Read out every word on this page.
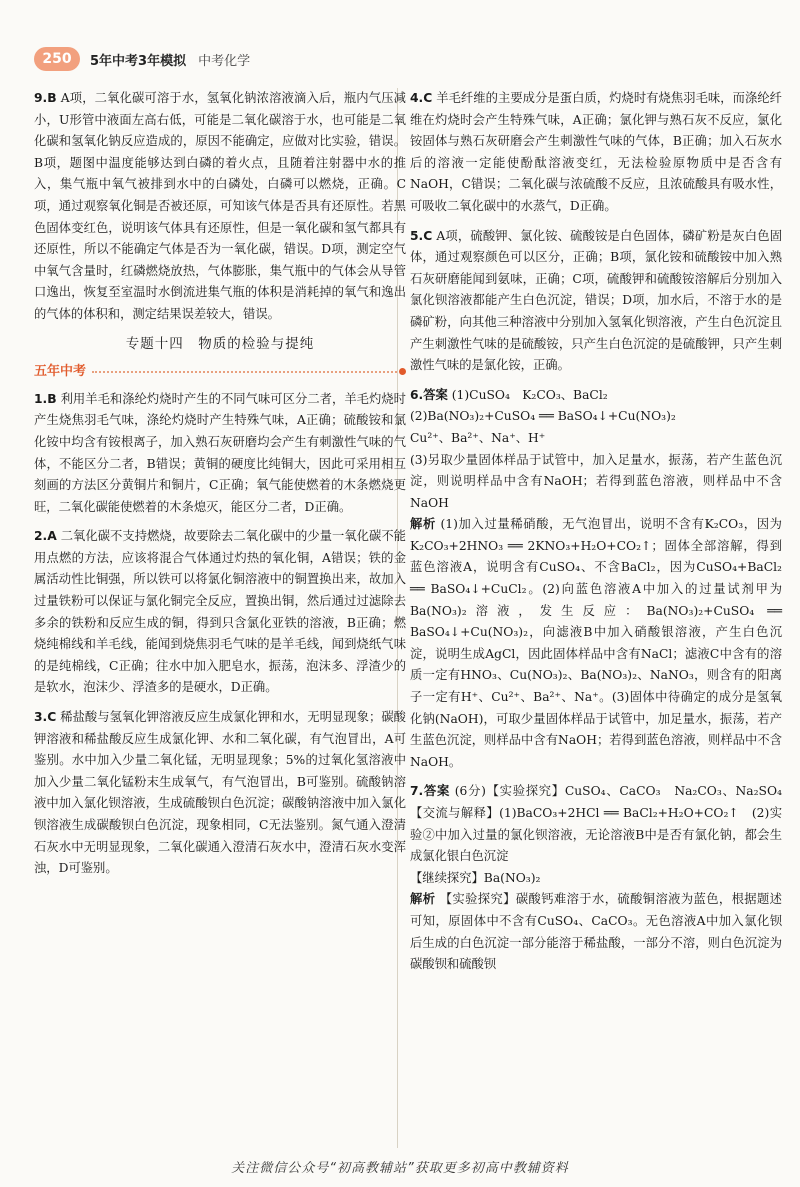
250	5年中考3年模拟 中考化学
9.B A项，二氧化碳可溶于水，氢氧化钠浓溶液滴入后，瓶内气压减小，U形管中液面左高右低，可能是二氧化碳溶于水，也可能是二氧化碳和氢氧化钠反应造成的，原因不能确定，应做对比实验，错误。B项，题图中温度能够达到白磷的着火点，且随着注射器中水的推入，集气瓶中氧气被排到水中的白磷处，白磷可以燃烧，正确。C项，通过观察氧化铜是否被还原，可知该气体是否具有还原性。若黑色固体变红色，说明该气体具有还原性，但是一氧化碳和氢气都具有还原性，所以不能确定气体是否为一氧化碳，错误。D项，测定空气中氧气含量时，红磷燃烧放热，气体膨胀，集气瓶中的气体会从导管口逸出，恢复至室温时水倒流进集气瓶的体积是消耗掉的氧气和逸出的气体的体积和，测定结果误差较大，错误。
专题十四　物质的检验与提纯
五年中考
1.B 利用羊毛和涤纶灼烧时产生的不同气味可区分二者，羊毛灼烧时产生烧焦羽毛气味，涤纶灼烧时产生特殊气味，A正确；硫酸铵和氯化铵中均含有铵根离子，加入熟石灰研磨均会产生有刺激性气味的气体，不能区分二者，B错误；黄铜的硬度比纯铜大，因此可采用相互刻画的方法区分黄铜片和铜片，C正确；氧气能使燃着的木条燃烧更旺，二氧化碳能使燃着的木条熄灭，能区分二者，D正确。
2.A 二氧化碳不支持燃烧，故要除去二氧化碳中的少量一氧化碳不能用点燃的方法，应该将混合气体通过灼热的氧化铜，A错误；铁的金属活动性比铜强，所以铁可以将氯化铜溶液中的铜置换出来，故加入过量铁粉可以保证与氯化铜完全反应，置换出铜，然后通过过滤除去多余的铁粉和反应生成的铜，得到只含氯化亚铁的溶液，B正确；燃烧纯棉线和羊毛线，能闻到烧焦羽毛气味的是羊毛线，闻到烧纸气味的是纯棉线，C正确；往水中加入肥皂水，振荡，泡沫多、浮渣少的是软水，泡沫少、浮渣多的是硬水，D正确。
3.C 稀盐酸与氢氧化钾溶液反应生成氯化钾和水，无明显现象；碳酸钾溶液和稀盐酸反应生成氯化钾、水和二氧化碳，有气泡冒出，A可鉴别。水中加入少量二氧化锰，无明显现象；5%的过氧化氢溶液中加入少量二氧化锰粉末生成氧气，有气泡冒出，B可鉴别。硫酸钠溶液中加入氯化钡溶液，生成硫酸钡白色沉淀；碳酸钠溶液中加入氯化钡溶液生成碳酸钡白色沉淀，现象相同，C无法鉴别。氮气通入澄清石灰水中无明显现象，二氧化碳通入澄清石灰水中，澄清石灰水变浑浊，D可鉴别。
4.C 羊毛纤维的主要成分是蛋白质，灼烧时有烧焦羽毛味，而涤纶纤维在灼烧时会产生特殊气味，A正确；氯化钾与熟石灰不反应，氯化铵固体与熟石灰研磨会产生刺激性气味的气体，B正确；加入石灰水后的溶液一定能使酚酞溶液变红，无法检验原物质中是否含有NaOH，C错误；二氧化碳与浓硫酸不反应，且浓硫酸具有吸水性，可吸收二氧化碳中的水蒸气，D正确。
5.C A项，硫酸钾、氯化铵、硫酸铵是白色固体，磷矿粉是灰白色固体，通过观察颜色可以区分，正确；B项，氯化铵和硫酸铵中加入熟石灰研磨能闻到氨味，正确；C项，硫酸钾和硫酸铵溶解后分别加入氯化钡溶液都能产生白色沉淀，错误；D项，加水后，不溶于水的是磷矿粉，向其他三种溶液中分别加入氢氧化钡溶液，产生白色沉淀且产生刺激性气味的是硫酸铵，只产生白色沉淀的是硫酸钾，只产生刺激性气味的是氯化铵，正确。

6.答案 (1)CuSO₄　K₂CO₃、BaCl₂

(2)Ba(NO₃)₂+CuSO₄ ══ BaSO₄↓+Cu(NO₃)₂

Cu²⁺、Ba²⁺、Na⁺、H⁺

(3)另取少量固体样品于试管中，加入足量水，振荡，若产生蓝色沉淀，则说明样品中含有NaOH；若得到蓝色溶液，则样品中不含NaOH

解析 (1)加入过量稀硝酸，无气泡冒出，说明不含有K₂CO₃，因为K₂CO₃+2HNO₃ ══ 2KNO₃+H₂O+CO₂↑；固体全部溶解，得到蓝色溶液A，说明含有CuSO₄、不含BaCl₂，因为CuSO₄+BaCl₂ ══ BaSO₄↓+CuCl₂。(2)向蓝色溶液A中加入的过量试剂甲为Ba(NO₃)₂溶液，发生反应：Ba(NO₃)₂+CuSO₄ ══ BaSO₄↓+Cu(NO₃)₂，向滤液B中加入硝酸银溶液，产生白色沉淀，说明生成AgCl，因此固体样品中含有NaCl；滤液C中含有的溶质一定有HNO₃、Cu(NO₃)₂、Ba(NO₃)₂、NaNO₃，则含有的阳离子一定有H⁺、Cu²⁺、Ba²⁺、Na⁺。(3)固体中待确定的成分是氢氧化钠(NaOH)，可取少量固体样品于试管中，加足量水，振荡，若产生蓝色沉淀，则样品中含有NaOH；若得到蓝色溶液，则样品中不含NaOH。

7.答案 (6分)【实验探究】CuSO₄、CaCO₃　Na₂CO₃、Na₂SO₄【交流与解释】(1)BaCO₃+2HCl ══ BaCl₂+H₂O+CO₂↑　(2)实验②中加入过量的氯化钡溶液，无论溶液B中是否有氯化钠，都会生成氯化银白色沉淀

【继续探究】Ba(NO₃)₂

解析 【实验探究】碳酸钙难溶于水，硫酸铜溶液为蓝色，根据题述可知，原固体中不含有CuSO₄、CaCO₃。无色溶液A中加入氯化钡后生成的白色沉淀一部分能溶于稀盐酸，一部分不溶，则白色沉淀为碳酸钡和硫酸钡

关注微信公众号“初高教辅站”获取更多初高中教辅资料
